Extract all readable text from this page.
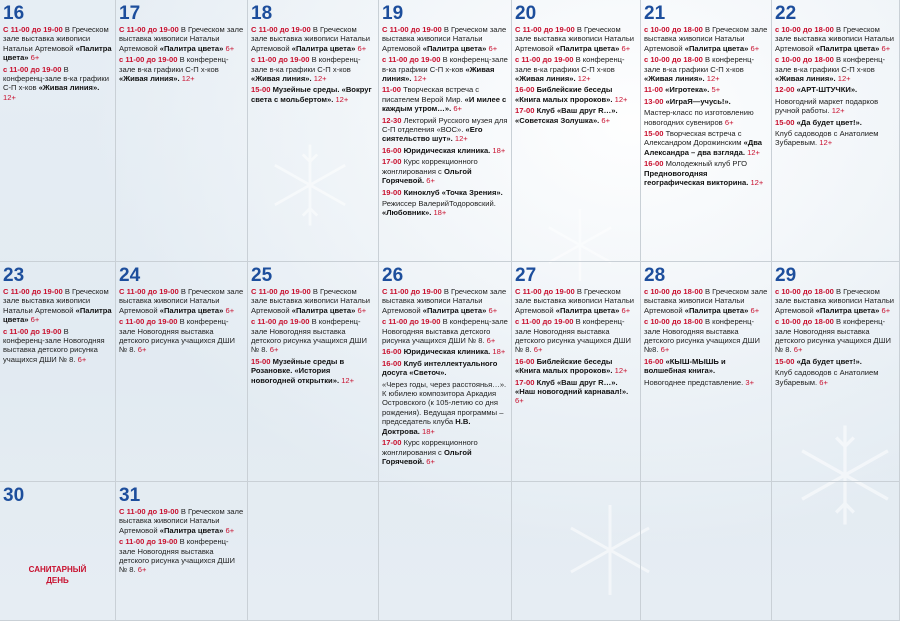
16
С 11-00 до 19-00 В Греческом зале выставка живописи Натальи Артемовой «Палитра цвета» 6+
с 11-00 до 19-00 В конференц-зале в-ка графики С-П х-ков «Живая линия». 12+
17
С 11-00 до 19-00 В Греческом зале выставка живописи Натальи Артемовой «Палитра цвета» 6+
с 11-00 до 19-00 В конференц-зале в-ка графики С-П х-ков «Живая линия». 12+
18
С 11-00 до 19-00 В Греческом зале выставка живописи Натальи Артемовой «Палитра цвета» 6+
с 11-00 до 19-00 В конференц-зале в-ка графики С-П х-ков «Живая линия». 12+
15-00 Музейные среды. «Вокруг света с мольбертом». 12+
19
С 11-00 до 19-00 В Греческом зале выставка живописи Натальи Артемовой «Палитра цвета» 6+
с 11-00 до 19-00 В конференц-зале в-ка графики С-П х-ков «Живая линия». 12+
11-00 Творческая встреча с писателем Верой Мир. «И милее с каждым утром…». 6+
12-30 Лекторий Русского музея для С-П отделения «ВОС». «Его сиятельство шут». 12+
16-00 Юридическая клиника. 18+
17-00 Курс коррекционного жонглирования с Ольгой Горячевой. 6+
19-00 Киноклуб «Точка Зрения».
Режиссер ВалерийТодоровский. «Любовник». 18+
20
С 11-00 до 19-00 В Греческом зале выставка живописи Натальи Артемовой «Палитра цвета» 6+
с 11-00 до 19-00 В конференц-зале в-ка графики С-П х-ков «Живая линия». 12+
16-00 Библейские беседы «Книга малых пророков». 12+
17-00 Клуб «Ваш друг R…». «Советская Золушка». 6+
21
с 10-00 до 18-00 В Греческом зале выставка живописи Натальи Артемовой «Палитра цвета» 6+
с 10-00 до 18-00 В конференц-зале в-ка графики С-П х-ков «Живая линия». 12+
11-00 «Игротека». 5+
13-00 «ИграЯ—учусь!».
Мастер-класс по изготовлению новогодних сувениров 6+
15-00 Творческая встреча с Александром Дорожинским «Два Александра – два взгляда. 12+
16-00 Молодежный клуб РГО Предновогодняя географическая викторина. 12+
22
с 10-00 до 18-00 В Греческом зале выставка живописи Натальи Артемовой «Палитра цвета» 6+
с 10-00 до 18-00 В конференц-зале в-ка графики С-П х-ков «Живая линия». 12+
12-00 «АРТ-ШТУЧКИ».
Новогодний маркет подарков ручной работы. 12+
15-00 «Да будет цвет!».
Клуб садоводов с Анатолием Зубаревым. 12+
23
С 11-00 до 19-00 В Греческом зале выставка живописи Натальи Артемовой «Палитра цвета» 6+
с 11-00 до 19-00 В конференц-зале Новогодняя выставка детского рисунка учащихся ДШИ № 8. 6+
24
С 11-00 до 19-00 В Греческом зале выставка живописи Натальи Артемовой «Палитра цвета» 6+
с 11-00 до 19-00 В конференц-зале Новогодняя выставка детского рисунка учащихся ДШИ № 8. 6+
25
С 11-00 до 19-00 В Греческом зале выставка живописи Натальи Артемовой «Палитра цвета» 6+
с 11-00 до 19-00 В конференц-зале Новогодняя выставка детского рисунка учащихся ДШИ № 8. 6+
15-00 Музейные среды в Розановке. «История новогодней открытки». 12+
26
С 11-00 до 19-00 В Греческом зале выставка живописи Натальи Артемовой «Палитра цвета» 6+
с 11-00 до 19-00 В конференц-зале Новогодняя выставка детского рисунка учащихся ДШИ № 8. 6+
16-00 Юридическая клиника. 18+
16-00 Клуб интеллектуального досуга «Светоч».
«Через годы, через расстоянья…». К юбилею композитора Аркадия Островского (к 105-летию со дня рождения). Ведущая программы – председатель клуба Н.В. Доктрова. 18+
17-00 Курс коррекционного жонглирования с Ольгой Горячевой. 6+
27
С 11-00 до 19-00 В Греческом зале выставка живописи Натальи Артемовой «Палитра цвета» 6+
с 11-00 до 19-00 В конференц-зале Новогодняя выставка детского рисунка учащихся ДШИ № 8. 6+
16-00 Библейские беседы «Книга малых пророков». 12+
17-00 Клуб «Ваш друг R…». «Наш новогодний карнавал!». 6+
28
с 10-00 до 18-00 В Греческом зале выставка живописи Натальи Артемовой «Палитра цвета» 6+
с 10-00 до 18-00 В конференц-зале Новогодняя выставка детского рисунка учащихся ДШИ №8. 6+
16-00 «КЫШ-МЫШЬ и волшебная книга».
Новогоднее представление. 3+
29
с 10-00 до 18-00 В Греческом зале выставка живописи Натальи Артемовой «Палитра цвета» 6+
с 10-00 до 18-00 В конференц-зале Новогодняя выставка детского рисунка учащихся ДШИ № 8. 6+
15-00 «Да будет цвет!».
Клуб садоводов с Анатолием Зубаревым. 6+
30
САНИТАРНЫЙ
ДЕНЬ
31
С 11-00 до 19-00 В Греческом зале выставка живописи Натальи Артемовой «Палитра цвета» 6+
с 11-00 до 19-00 В конференц-зале Новогодняя выставка детского рисунка учащихся ДШИ № 8. 6+
